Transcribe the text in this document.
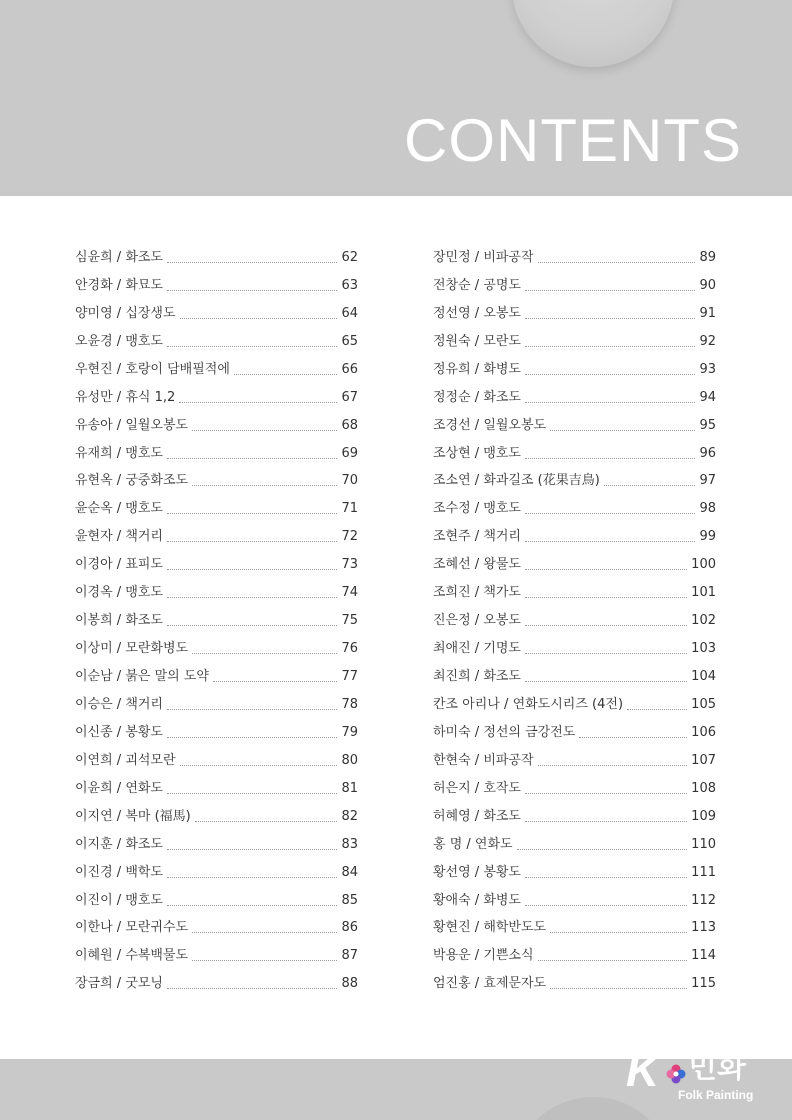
CONTENTS
심윤희 / 화조도	62
안경화 / 화묘도	63
양미영 / 십장생도	64
오윤경 / 맹호도	65
우현진 / 호랑이 담배필적에	66
유성만 / 휴식 1,2	67
유송아 / 일월오봉도	68
유재희 / 맹호도	69
유현옥 / 궁중화조도	70
윤순옥 / 맹호도	71
윤현자 / 책거리	72
이경아 / 표피도	73
이경옥 / 맹호도	74
이봉희 / 화조도	75
이상미 / 모란화병도	76
이순남 / 붉은 말의 도약	77
이승은 / 책거리	78
이신종 / 봉황도	79
이연희 / 괴석모란	80
이윤희 / 연화도	81
이지연 / 복마 (福馬)	82
이지훈 / 화조도	83
이진경 / 백학도	84
이진이 / 맹호도	85
이한나 / 모란귀수도	86
이혜원 / 수복백물도	87
장금희 / 굿모닝	88
장민정 / 비파공작	89
전창순 / 공명도	90
정선영 / 오봉도	91
정원숙 / 모란도	92
정유희 / 화병도	93
정정순 / 화조도	94
조경선 / 일월오봉도	95
조상현 / 맹호도	96
조소연 / 화과길조 (花果吉鳥)	97
조수정 / 맹호도	98
조현주 / 책거리	99
조혜선 / 왕물도	100
조희진 / 책가도	101
진은정 / 오봉도	102
최애진 / 기명도	103
최진희 / 화조도	104
칸조 아리나 / 연화도시리즈 (4전)	105
하미숙 / 정선의 금강전도	106
한현숙 / 비파공작	107
허은지 / 호작도	108
허혜영 / 화조도	109
홍 명 / 연화도	110
황선영 / 봉황도	111
황애숙 / 화병도	112
황현진 / 해학반도도	113
박용운 / 기쁜소식	114
엄진홍 / 효제문자도	115
K 민화
Folk Painting
